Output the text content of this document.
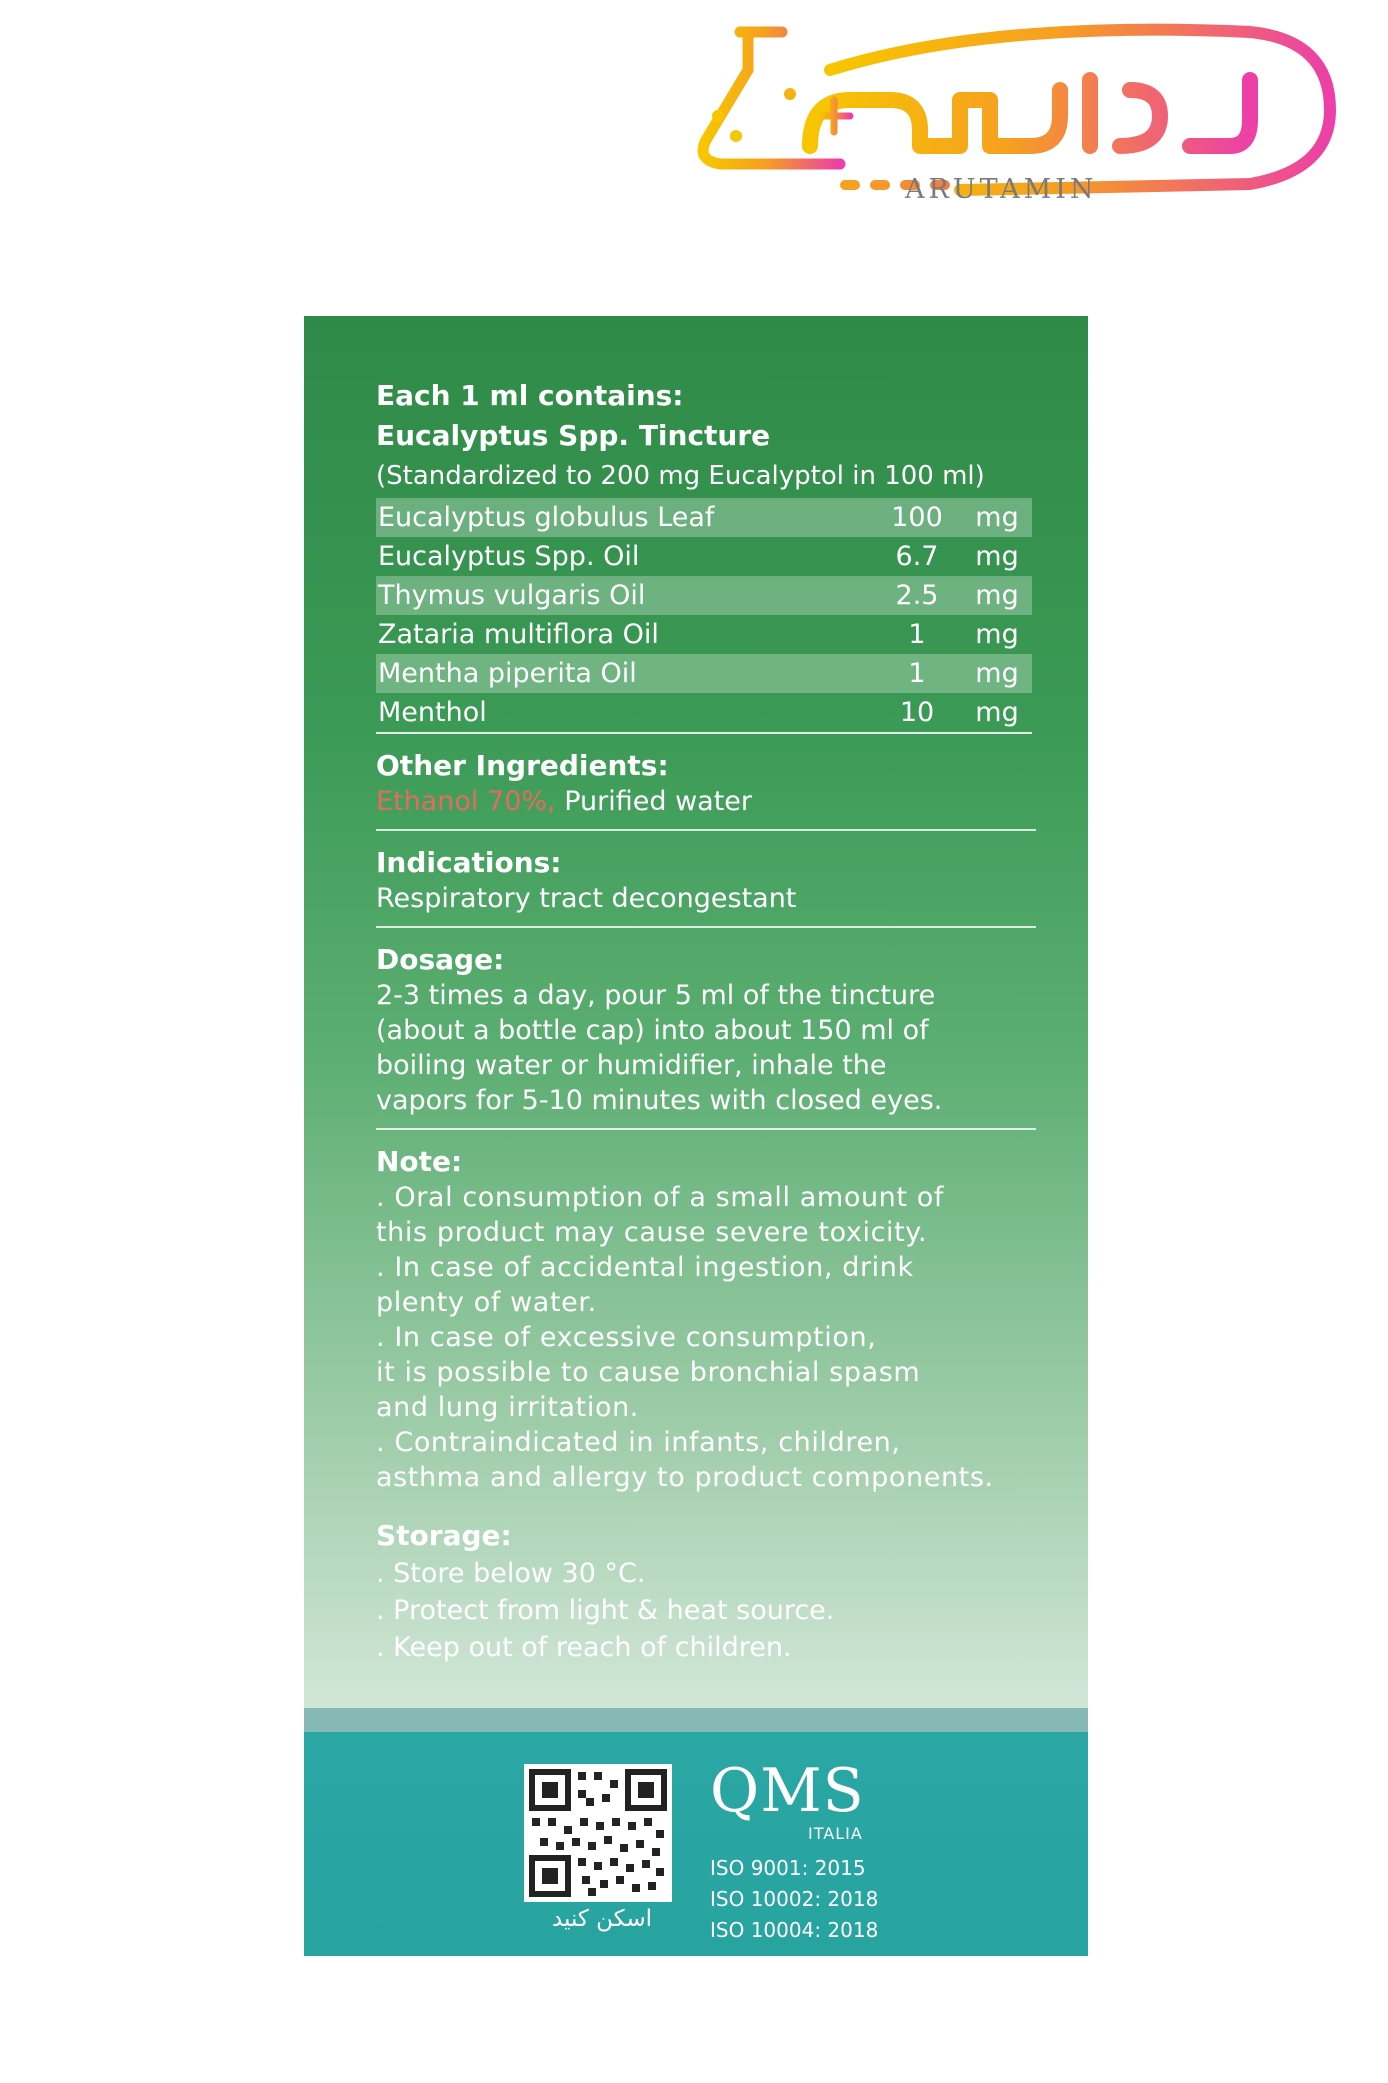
ARUTAMIN

Each 1 ml contains:

Eucalyptus Spp. Tincture

(Standardized to 200 mg Eucalyptol in 100 ml)

Eucalyptus globulus Leaf	100	mg
Eucalyptus Spp. Oil	6.7	mg
Thymus vulgaris Oil	2.5	mg
Zataria multiflora Oil	1	mg
Mentha piperita Oil	1	mg
Menthol	10	mg
Other Ingredients:

Ethanol 70%, Purified water

Indications:

Respiratory tract decongestant

Dosage:

2-3 times a day, pour 5 ml of the tincture

(about a bottle cap) into about 150 ml of

boiling water or humidifier, inhale the

vapors for 5-10 minutes with closed eyes.

Note:

. Oral consumption of a small amount of

this product may cause severe toxicity.

. In case of accidental ingestion, drink

plenty of water.

. In case of excessive consumption,

it is possible to cause bronchial spasm

and lung irritation.

. Contraindicated in infants, children,

asthma and allergy to product components.

Storage:

. Store below 30 °C.

. Protect from light & heat source.

. Keep out of reach of children.

اسکن کنید
QMS
ITALIA
ISO 9001: 2015
ISO 10002: 2018
ISO 10004: 2018
